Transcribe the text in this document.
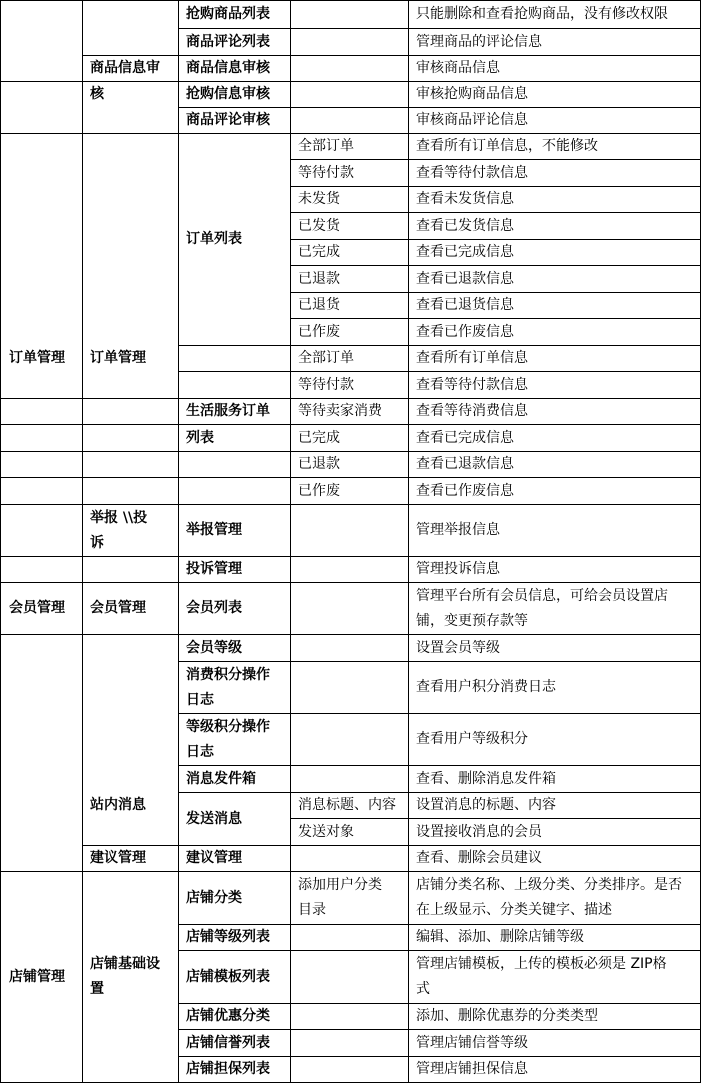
商品信息审
核
抢购商品列表
商品评论列表
商品信息审核
抢购信息审核
商品评论审核
只能删除和查看抢购商品，没有修改权限
管理商品的评论信息
审核商品信息
审核抢购商品信息
审核商品评论信息
订单管理 订单管理
订单列表
生活服务订单
列表
全部订单
等待付款
未发货
已发货
已完成
已退款
已退货
已作废
全部订单
等待付款
等待卖家消费
已完成
已退款
已作废
查看所有订单信息，不能修改
查看等待付款信息
查看未发货信息
查看已发货信息
查看已完成信息
查看已退款信息
查看已退货信息
查看已作废信息
查看所有订单信息
查看等待付款信息
查看等待消费信息
查看已完成信息
查看已退款信息
查看已作废信息
举报 \\投
诉
举报管理
投诉管理
管理举报信息
管理投诉信息
会员管理 会员管理
站内消息
建议管理
会员列表
会员等级
消费积分操作
日志
等级积分操作
日志
消息发件箱
发送消息
建议管理
消息标题、内容
发送对象
管理平台所有会员信息，可给会员设置店
铺，变更预存款等
设置会员等级
查看用户积分消费日志
查看用户等级积分
查看、删除消息发件箱
设置消息的标题、内容
设置接收消息的会员
查看、删除会员建议
店铺管理
店铺基础设
置
店铺分类
店铺等级列表
店铺模板列表
店铺优惠分类
店铺信誉列表
店铺担保列表
添加用户分类
目录
店铺分类名称、上级分类、分类排序。是否
在上级显示、分类关键字、描述
编辑、添加、删除店铺等级
管理店铺模板，上传的模板必须是 ZIP格
式
添加、删除优惠券的分类类型
管理店铺信誉等级
管理店铺担保信息
